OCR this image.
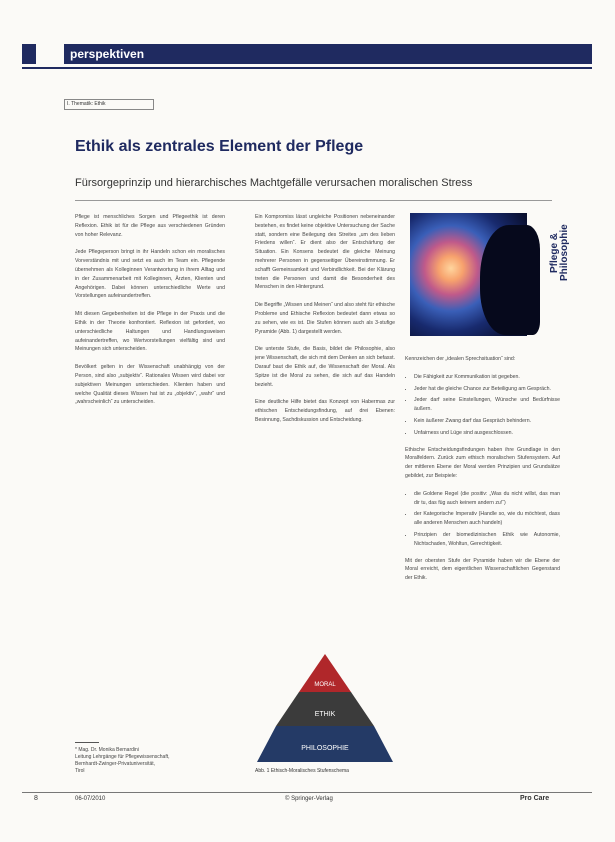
perspektiven
I. Thematik: Ethik
Ethik als zentrales Element der Pflege
Fürsorgeprinzip und hierarchisches Machtgefälle verursachen moralischen Stress

Pflege ist menschliches Sorgen und Pflegeethik ist deren Reflexion. Ethik ist für die Pflege aus verschiedenen Gründen von hoher Relevanz.

Jede Pflegeperson bringt in ihr Handeln schon ein moralisches Vorverständnis mit und setzt es auch im Team ein. Pflegende übernehmen als Kolleginnen Verantwortung in ihrem Alltag und in der Zusammenarbeit mit Kolleginnen, Ärzten, Klienten und Angehörigen. Dabei können unterschiedliche Werte und Vorstellungen aufeinandertreffen.

Mit diesen Gegebenheiten ist die Pflege in der Praxis und die Ethik in der Theorie konfrontiert. Reflexion ist gefordert, wo unterschiedliche Haltungen und Handlungsweisen aufeinandertreffen, wo Wertvorstellungen vielfältig sind und Meinungen sich unterscheiden.

Bevölkert gelten in der Wissenschaft unabhängig von der Person, sind also „subjektiv“. Rationales Wissen wird dabei vor subjektiven Meinungen unterschieden. Klienten haben und welche Qualität dieses Wissen hat ist zu „objektiv“, „wahr“ und „wahrscheinlich“ zu unterscheiden.

Ein Kompromiss lässt ungleiche Positionen nebeneinander bestehen, es findet keine objektive Untersuchung der Sache statt, sondern eine Beilegung des Streites „um des lieben Friedens willen“. Er dient also der Entschärfung der Situation. Ein Konsens bedeutet die gleiche Meinung mehrerer Personen in gegenseitiger Übereinstimmung. Er schafft Gemeinsamkeit und Verbindlichkeit. Bei der Klärung treten die Personen und damit die Besonderheit des Menschen in den Hintergrund.

Die Begriffe „Wissen und Meinen“ und also steht für ethische Probleme und Ethische Reflexion bedeutet dann etwas so zu sehen, wie es ist. Die Stufen können auch als 3-stufige Pyramide (Abb. 1) dargestellt werden.

Die unterste Stufe, die Basis, bildet die Philosophie, also jene Wissenschaft, die sich mit dem Denken an sich befasst. Darauf baut die Ethik auf, die Wissenschaft der Moral. Als Spitze ist die Moral zu sehen, die sich auf das Handeln bezieht.

Eine deutliche Hilfe bietet das Konzept von Habermas zur ethischen Entscheidungsfindung, auf drei Ebenen: Besinnung, Sachdiskussion und Entscheidung.

Pflege &
Philosophie

Kennzeichen der „idealen Sprechsituation“ sind:

• Die Fähigkeit zur Kommunikation ist gegeben.
• Jeder hat die gleiche Chance zur Beteiligung am Gespräch.
• Jeder darf seine Einstellungen, Wünsche und Bedürfnisse äußern.
• Kein äußerer Zwang darf das Gespräch behindern.
• Unfairness und Lüge sind ausgeschlossen.

Ethische Entscheidungsfindungen haben ihre Grundlage in den Moralfeldern. Zurück zum ethisch moralischen Stufensystem. Auf der mittleren Ebene der Moral werden Prinzipien und Grundsätze gebildet, zur Beispiele:

• die Goldene Regel (die positiv: „Was du nicht willst, das man dir tu, das füg auch keinem andern zu!“)
• der Kategorische Imperativ (Handle so, wie du möchtest, dass alle anderen Menschen auch handeln)
• Prinzipien der biomedizinischen Ethik wie Autonomie, Nichtschaden, Wohltun, Gerechtigkeit.

Mit der obersten Stufe der Pyramide haben wir die Ebene der Moral erreicht, dem eigentlichen Wissenschaftlichen Gegenstand der Ethik.

MORAL
ETHIK
PHILOSOPHIE
Abb. 1 Ethisch-Moralisches Stufenschema
* Mag. Dr. Monika Bernardini
Leitung Lehrgänge für Pflegewissenschaft,
Bernhardt-Zwinger-Privatuniversität,
Tirol
8	06-07/2010	© Springer-Verlag	Pro Care
